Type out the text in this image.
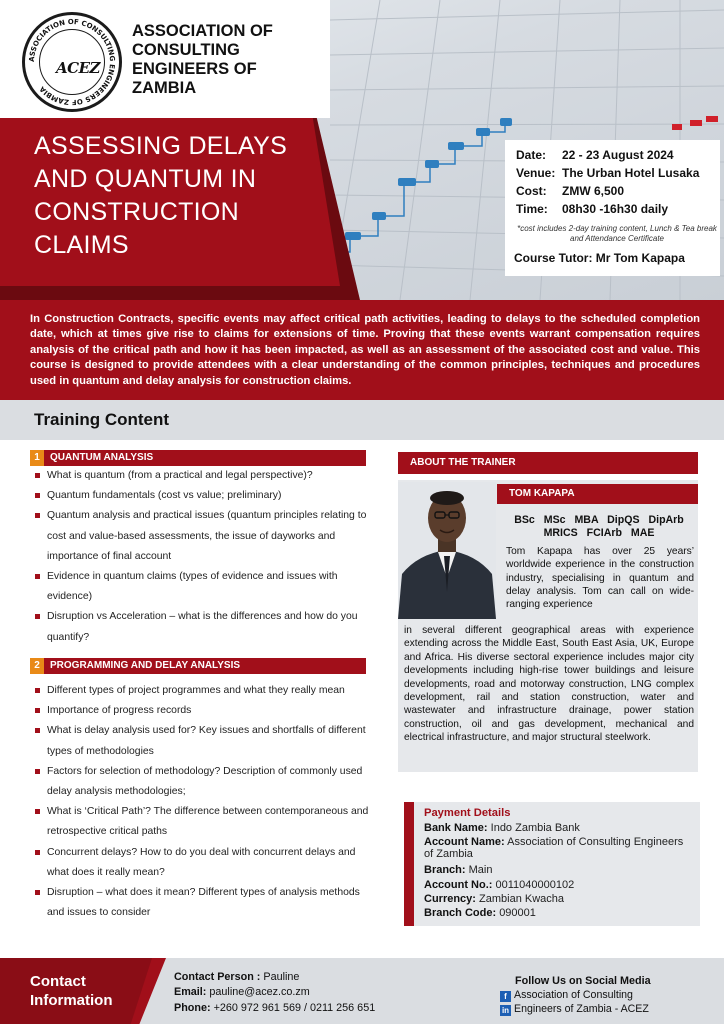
ASSOCIATION OF CONSULTING ENGINEERS OF ZAMBIA
ACEZ
ASSOCIATION OF CONSULTING ENGINEERS OF ZAMBIA
ASSESSING DELAYS AND QUANTUM IN CONSTRUCTION CLAIMS
Date: 22 - 23 August 2024
Venue: The Urban Hotel Lusaka
Cost: ZMW 6,500
Time: 08h30 -16h30 daily
*cost includes 2-day training content, Lunch & Tea break and Attendance Certificate
Course Tutor: Mr Tom Kapapa

In Construction Contracts, specific events may affect critical path activities, leading to delays to the scheduled completion date, which at times give rise to claims for extensions of time. Proving that these events warrant compensation requires analysis of the critical path and how it has been impacted, as well as an assessment of the associated cost and value. This course is designed to provide attendees with a clear understanding of the common principles, techniques and procedures used in quantum and delay analysis for construction claims.

Training Content
1	QUANTUM ANALYSIS
What is quantum (from a practical and legal perspective)?
Quantum fundamentals (cost vs value; preliminary)
Quantum analysis and practical issues (quantum principles relating to cost and value-based assessments, the issue of dayworks and importance of final account
Evidence in quantum claims (types of evidence and issues with evidence)
Disruption vs Acceleration – what is the differences and how do you quantify?
2	PROGRAMMING AND DELAY ANALYSIS
Different types of project programmes and what they really mean
Importance of progress records
What is delay analysis used for? Key issues and shortfalls of different types of methodologies
Factors for selection of methodology? Description of commonly used delay analysis methodologies;
What is ‘Critical Path’? The difference between contemporaneous and retrospective critical paths
Concurrent delays? How to do you deal with concurrent delays and what does it really mean?
Disruption – what does it mean? Different types of analysis methods and issues to consider
ABOUT THE TRAINER
TOM KAPAPA
BSc MSc MBA DipQS DipArb MRICS FCIArb MAE
Tom Kapapa has over 25 years’ worldwide experience in the construction industry, specialising in quantum and delay analysis. Tom can call on wide-ranging experience
in several different geographical areas with experience extending across the Middle East, South East Asia, UK, Europe and Africa. His diverse sectoral experience includes major city developments including high-rise tower buildings and leisure developments, road and motorway construction, LNG complex development, rail and station construction, water and wastewater and infrastructure drainage, power station construction, oil and gas development, mechanical and electrical infrastructure, and major structural steelwork.
Payment Details
Bank Name: Indo Zambia Bank
Account Name: Association of Consulting Engineers of Zambia
Branch: Main
Account No.: 0011040000102
Currency: Zambian Kwacha
Branch Code: 090001
Contact Information
Contact Person : Pauline
Email: pauline@acez.co.zm
Phone: +260 972 961 569 / 0211 256 651
Follow Us on Social Media
f Association of Consulting
in Engineers of Zambia - ACEZ
